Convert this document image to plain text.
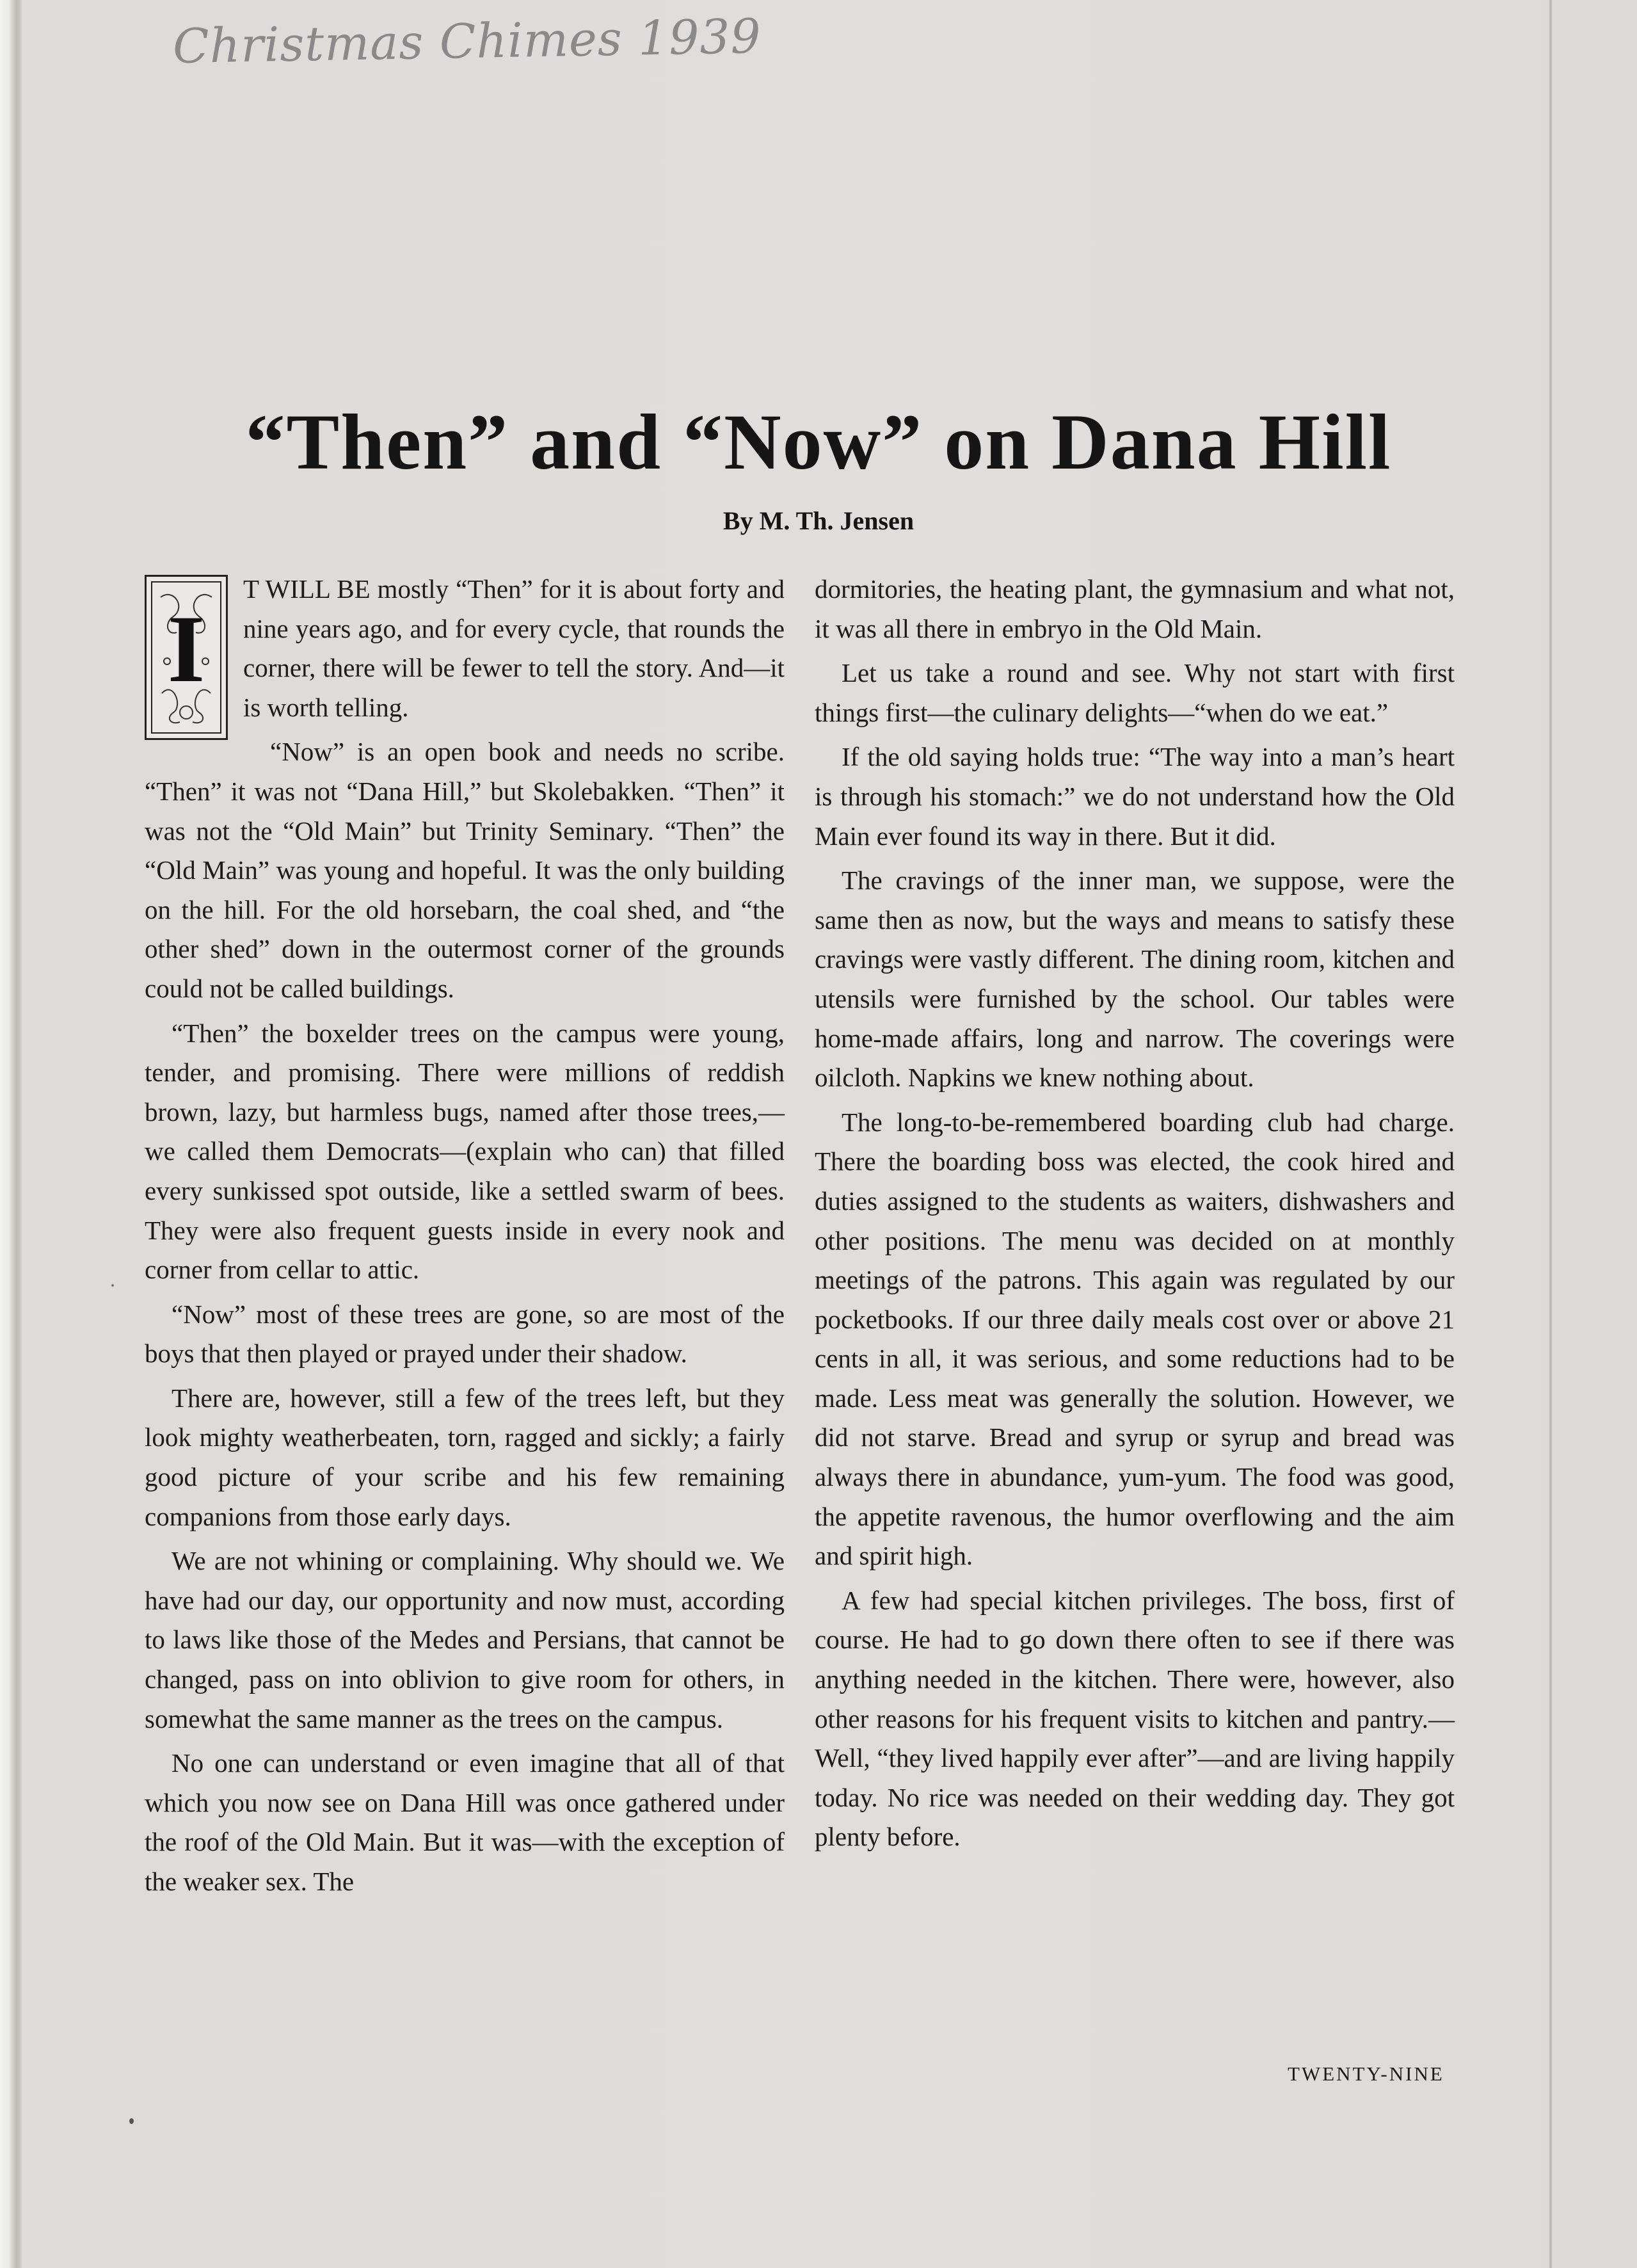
Christmas Chimes 1939
“Then” and “Now” on Dana Hill
By M. Th. Jensen
I

T WILL BE mostly “Then” for it is about forty and nine years ago, and for every cycle, that rounds the corner, there will be fewer to tell the story. And—it is worth telling.

“Now” is an open book and needs no scribe. “Then” it was not “Dana Hill,” but Skolebakken. “Then” it was not the “Old Main” but Trinity Seminary. “Then” the “Old Main” was young and hopeful. It was the only building on the hill. For the old horsebarn, the coal shed, and “the other shed” down in the outermost corner of the grounds could not be called buildings.

“Then” the boxelder trees on the campus were young, tender, and promising. There were millions of reddish brown, lazy, but harmless bugs, named after those trees,—we called them Democrats—(explain who can) that filled every sunkissed spot outside, like a settled swarm of bees. They were also frequent guests inside in every nook and corner from cellar to attic.

“Now” most of these trees are gone, so are most of the boys that then played or prayed under their shadow.

There are, however, still a few of the trees left, but they look mighty weatherbeaten, torn, ragged and sickly; a fairly good picture of your scribe and his few remaining companions from those early days.

We are not whining or complaining. Why should we. We have had our day, our opportunity and now must, according to laws like those of the Medes and Persians, that cannot be changed, pass on into oblivion to give room for others, in somewhat the same manner as the trees on the campus.

No one can understand or even imagine that all of that which you now see on Dana Hill was once gathered under the roof of the Old Main. But it was—with the exception of the weaker sex. The

dormitories, the heating plant, the gymnasium and what not, it was all there in embryo in the Old Main.

Let us take a round and see. Why not start with first things first—the culinary delights—“when do we eat.”

If the old saying holds true: “The way into a man’s heart is through his stomach:” we do not understand how the Old Main ever found its way in there. But it did.

The cravings of the inner man, we suppose, were the same then as now, but the ways and means to satisfy these cravings were vastly different. The dining room, kitchen and utensils were furnished by the school. Our tables were home-made affairs, long and narrow. The coverings were oilcloth. Napkins we knew nothing about.

The long-to-be-remembered boarding club had charge. There the boarding boss was elected, the cook hired and duties assigned to the students as waiters, dishwashers and other positions. The menu was decided on at monthly meetings of the patrons. This again was regulated by our pocketbooks. If our three daily meals cost over or above 21 cents in all, it was serious, and some reductions had to be made. Less meat was generally the solution. However, we did not starve. Bread and syrup or syrup and bread was always there in abundance, yum-yum. The food was good, the appetite ravenous, the humor overflowing and the aim and spirit high.

A few had special kitchen privileges. The boss, first of course. He had to go down there often to see if there was anything needed in the kitchen. There were, however, also other reasons for his frequent visits to kitchen and pantry.—Well, “they lived happily ever after”—and are living happily today. No rice was needed on their wedding day. They got plenty before.

TWENTY-NINE
